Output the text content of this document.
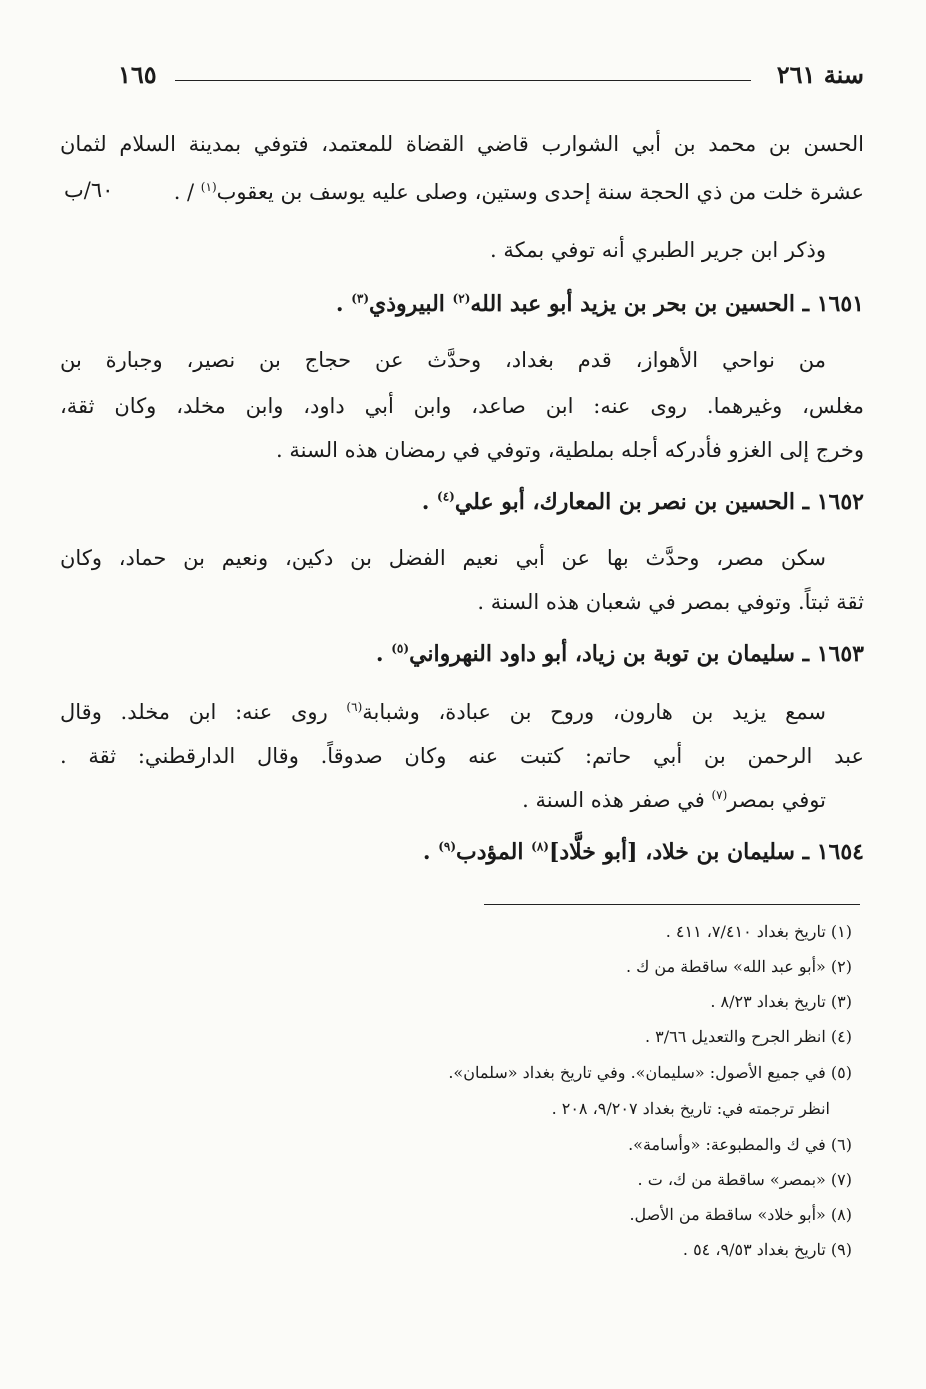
سنة ٢٦١
١٦٥
٦٠/ب
الحسن بن محمد بن أبي الشوارب قاضي القضاة للمعتمد، فتوفي بمدينة السلام لثمان
عشرة خلت من ذي الحجة سنة إحدى وستين، وصلى عليه يوسف بن يعقوب$^{(١)}$ / .
وذكر ابن جرير الطبري أنه توفي بمكة .
١٦٥١ ـ الحسين بن بحر بن يزيد أبو عبد الله$^{(٢)}$ البيروذي$^{(٣)}$ .
من نواحي الأهواز، قدم بغداد، وحدَّث عن حجاج بن نصير، وجبارة بن
مغلس، وغيرهما. روى عنه: ابن صاعد، وابن أبي داود، وابن مخلد، وكان ثقة،
وخرج إلى الغزو فأدركه أجله بملطية، وتوفي في رمضان هذه السنة .
١٦٥٢ ـ الحسين بن نصر بن المعارك، أبو علي$^{(٤)}$ .
سكن مصر، وحدَّث بها عن أبي نعيم الفضل بن دكين، ونعيم بن حماد، وكان
ثقة ثبتاً. وتوفي بمصر في شعبان هذه السنة .
١٦٥٣ ـ سليمان بن توبة بن زياد، أبو داود النهرواني$^{(٥)}$ .
سمع يزيد بن هارون، وروح بن عبادة، وشبابة$^{(٦)}$ روى عنه: ابن مخلد. وقال
عبد الرحمن بن أبي حاتم: كتبت عنه وكان صدوقاً. وقال الدارقطني: ثقة .
توفي بمصر$^{(٧)}$ في صفر هذه السنة .
١٦٥٤ ـ سليمان بن خلاد، [أبو خلَّاد]$^{(٨)}$ المؤدب$^{(٩)}$ .
(١) تاريخ بغداد ٧/٤١٠، ٤١١ .
(٢) «أبو عبد الله» ساقطة من ك .
(٣) تاريخ بغداد ٨/٢٣ .
(٤) انظر الجرح والتعديل ٣/٦٦ .
(٥) في جميع الأصول: «سليمان». وفي تاريخ بغداد «سلمان».
انظر ترجمته في: تاريخ بغداد ٩/٢٠٧، ٢٠٨ .
(٦) في ك والمطبوعة: «وأسامة».
(٧) «بمصر» ساقطة من ك، ت .
(٨) «أبو خلاد» ساقطة من الأصل.
(٩) تاريخ بغداد ٩/٥٣، ٥٤ .
